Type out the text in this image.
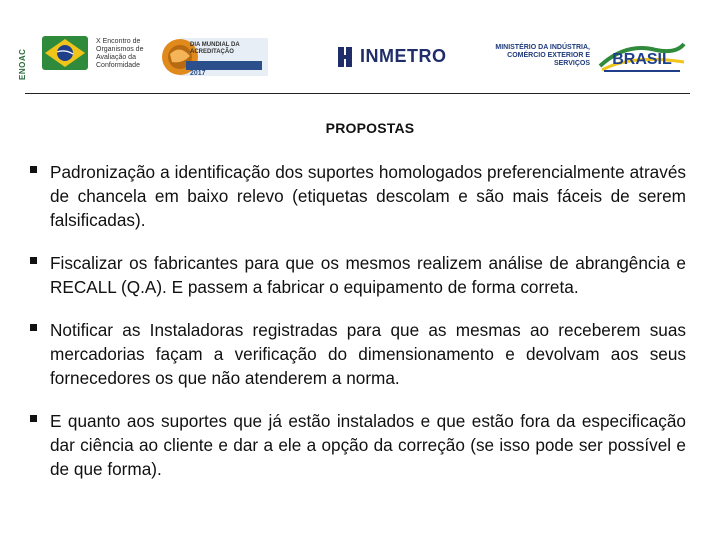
ENOAC
X Encontro de Organismos de Avaliação da Conformidade
DIA MUNDIAL DA ACREDITAÇÃO
2017
INMETRO	MINISTÉRIO DA INDÚSTRIA, COMÉRCIO EXTERIOR E SERVIÇOS BRASIL
PROPOSTAS
Padronização a identificação dos suportes homologados preferencialmente através de chancela em baixo relevo (etiquetas descolam e são mais fáceis de serem falsificadas).
Fiscalizar os fabricantes para que os mesmos realizem análise de abrangência e RECALL (Q.A). E passem a fabricar o equipamento de forma correta.
Notificar as Instaladoras registradas para que as mesmas ao receberem suas mercadorias façam a verificação do dimensionamento e devolvam aos seus fornecedores os que não atenderem a norma.
E quanto aos suportes que já estão instalados e que estão fora da especificação dar ciência ao cliente e dar a ele a opção da correção (se isso pode ser possível e de que forma).
